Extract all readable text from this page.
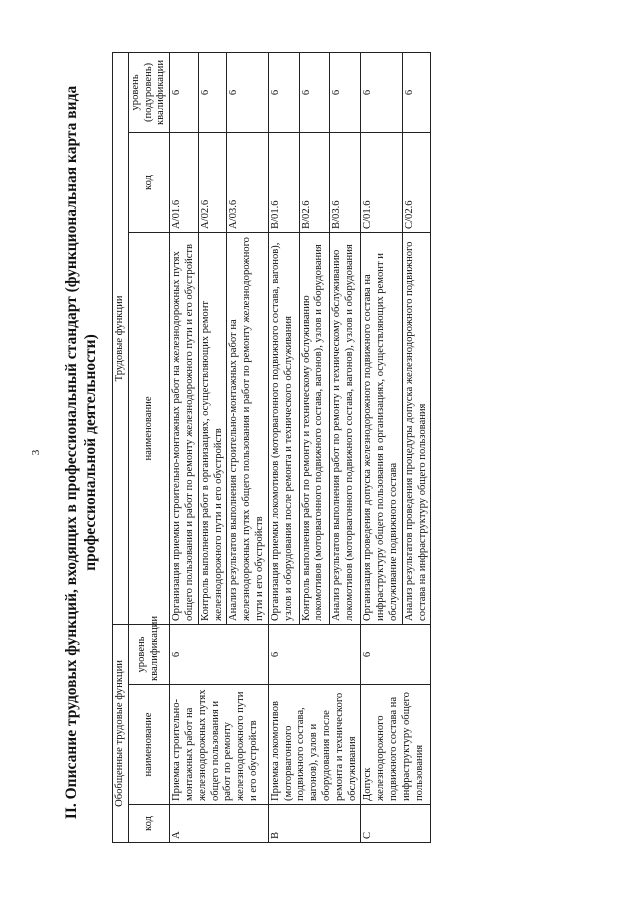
3 II. Описание трудовых функций, входящих в профессиональный стандарт (функциональная карта вида профессиональной деятельности)
Обобщенные трудовые функции			Трудовые функции		
код	наименование	уровень квалификации	наименование	код	уровень (подуровень) квалификации
A	Приемка строительно-монтажных работ на железнодорожных путях общего пользования и работ по ремонту железнодорожного пути и его обустройств	6	Организация приемки строительно-монтажных работ на железнодорожных путях общего пользования и работ по ремонту железнодорожного пути и его обустройств	A/01.6	6
			Контроль выполнения работ в организациях, осуществляющих ремонт железнодорожного пути и его обустройств	A/02.6	6
			Анализ результатов выполнения строительно-монтажных работ на железнодорожных путях общего пользования и работ по ремонту железнодорожного пути и его обустройств	A/03.6	6
B	Приемка локомотивов (моторвагонного подвижного состава, вагонов), узлов и оборудования после ремонта и технического обслуживания	6	Организация приемки локомотивов (моторвагонного подвижного состава, вагонов), узлов и оборудования после ремонта и технического обслуживания	B/01.6	6
			Контроль выполнения работ по ремонту и техническому обслуживанию локомотивов (моторвагонного подвижного состава, вагонов), узлов и оборудования	B/02.6	6
			Анализ результатов выполнения работ по ремонту и техническому обслуживанию локомотивов (моторвагонного подвижного состава, вагонов), узлов и оборудования	B/03.6	6
C	Допуск железнодорожного подвижного состава на инфраструктуру общего пользования	6	Организация проведения допуска железнодорожного подвижного состава на инфраструктуру общего пользования в организациях, осуществляющих ремонт и обслуживание подвижного состава	C/01.6	6
			Анализ результатов проведения процедуры допуска железнодорожного подвижного состава на инфраструктуру общего пользования	C/02.6	6
